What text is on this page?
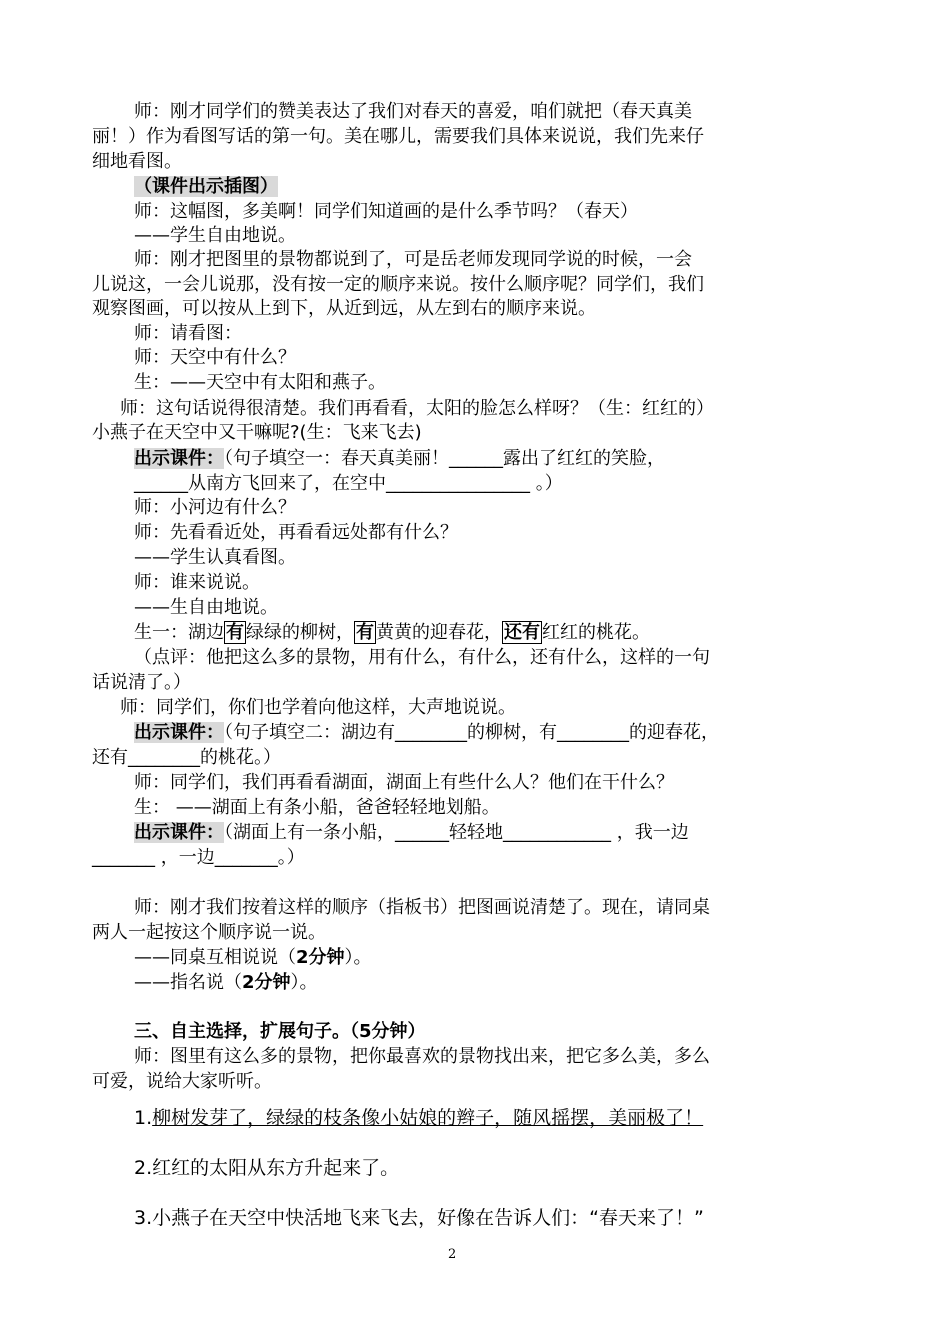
师：刚才同学们的赞美表达了我们对春天的喜爱，咱们就把（春天真美
丽！）作为看图写话的第一句。美在哪儿，需要我们具体来说说，我们先来仔
细地看图。
（课件出示插图）
师：这幅图，多美啊！同学们知道画的是什么季节吗？（春天）
——学生自由地说。
师：刚才把图里的景物都说到了，可是岳老师发现同学说的时候，一会
儿说这，一会儿说那，没有按一定的顺序来说。按什么顺序呢？同学们，我们
观察图画，可以按从上到下，从近到远，从左到右的顺序来说。
师：请看图：
师：天空中有什么？
生：——天空中有太阳和燕子。
师：这句话说得很清楚。我们再看看，太阳的脸怎么样呀？（生：红红的）
小燕子在天空中又干嘛呢?(生：飞来飞去)
出示课件：（句子填空一：春天真美丽！______露出了红红的笑脸，
______从南方飞回来了，在空中________________ 。）
师：小河边有什么？
师：先看看近处，再看看远处都有什么？
——学生认真看图。
师：谁来说说。
——生自由地说。
生一：湖边 有 绿绿的柳树， 有 黄黄的迎春花， 还有 红红的桃花。
（点评：他把这么多的景物，用有什么，有什么，还有什么，这样的一句
话说清了。）
师：同学们，你们也学着向他这样，大声地说说。
出示课件：（句子填空二：湖边有________的柳树，有________的迎春花，
还有________的桃花。）
师：同学们，我们再看看湖面，湖面上有些什么人？他们在干什么？
生： ——湖面上有条小船，爸爸轻轻地划船。
出示课件：（湖面上有一条小船，______轻轻地____________ ，我一边
_______ ，一边_______。）
师：刚才我们按着这样的顺序（指板书）把图画说清楚了。现在，请同桌
两人一起按这个顺序说一说。
——同桌互相说说（2分钟）。
——指名说（2分钟）。
三、自主选择，扩展句子。（5分钟）
师：图里有这么多的景物，把你最喜欢的景物找出来，把它多么美，多么
可爱，说给大家听听。
1.柳树发芽了，绿绿的枝条像小姑娘的辫子，随风摇摆，美丽极了！
2.红红的太阳从东方升起来了。
3.小燕子在天空中快活地飞来飞去，好像在告诉人们：“春天来了！”
2
